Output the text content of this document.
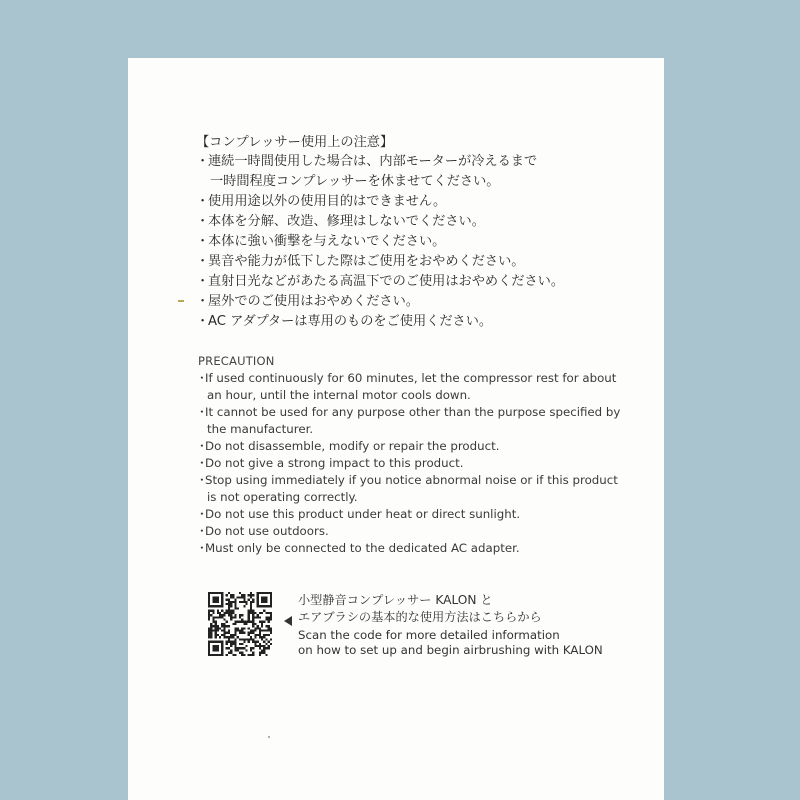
【コンプレッサー使用上の注意】
・ 連続一時間使用した場合は、内部モーターが冷えるまで
一時間程度コンプレッサーを休ませてください。
・ 使用用途以外の使用目的はできません。
・ 本体を分解、改造、修理はしないでください。
・ 本体に強い衝撃を与えないでください。
・ 異音や能力が低下した際はご使用をおやめください。
・ 直射日光などがあたる高温下でのご使用はおやめください。
・ 屋外でのご使用はおやめください。
・ AC アダプターは専用のものをご使用ください。
PRECAUTION
・ If used continuously for 60 minutes, let the compressor rest for about
an hour, until the internal motor cools down.
・ It cannot be used for any purpose other than the purpose specified by
the manufacturer.
・ Do not disassemble, modify or repair the product.
・ Do not give a strong impact to this product.
・ Stop using immediately if you notice abnormal noise or if this product
is not operating correctly.
・ Do not use this product under heat or direct sunlight.
・ Do not use outdoors.
・ Must only be connected to the dedicated AC adapter.
小型静音コンプレッサー KALON と
エアブラシの基本的な使用方法はこちらから
Scan the code for more detailed information
on how to set up and begin airbrushing with KALON
